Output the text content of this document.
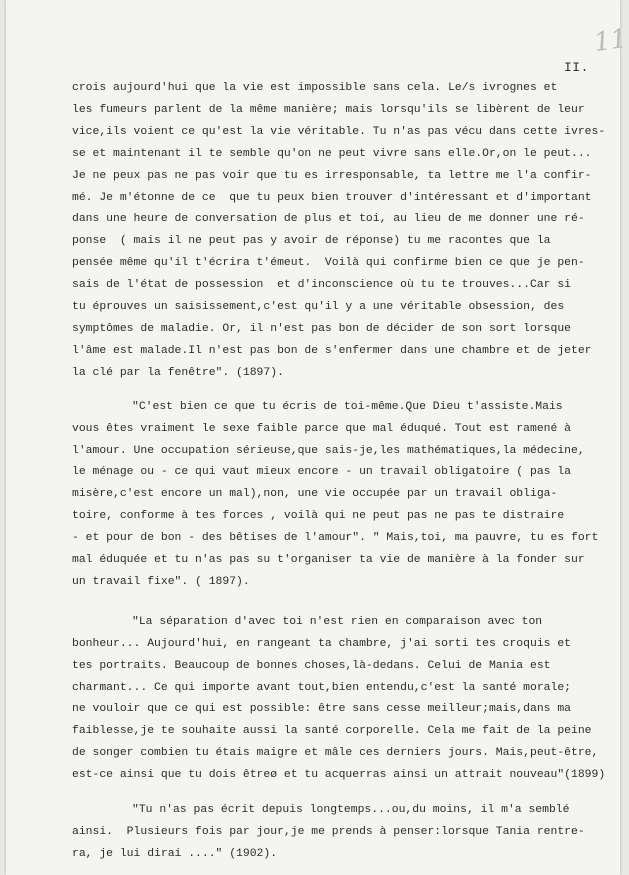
11
II.
crois aujourd'hui que la vie est impossible sans cela. Le/s ivrognes et
les fumeurs parlent de la même manière; mais lorsqu'ils se libèrent de leur
vice,ils voient ce qu'est la vie véritable. Tu n'as pas vécu dans cette ivres-
se et maintenant il te semble qu'on ne peut vivre sans elle.Or,on le peut...
Je ne peux pas ne pas voir que tu es irresponsable, ta lettre me l'a confir-
mé. Je m'étonne de ce  que tu peux bien trouver d'intéressant et d'important
dans une heure de conversation de plus et toi, au lieu de me donner une ré-
ponse  ( mais il ne peut pas y avoir de réponse) tu me racontes que la
pensée même qu'il t'écrira t'émeut.  Voilà qui confirme bien ce que je pen-
sais de l'état de possession  et d'inconscience où tu te trouves...Car si
tu éprouves un saisissement,c'est qu'il y a une véritable obsession, des
symptômes de maladie. Or, il n'est pas bon de décider de son sort lorsque
l'âme est malade.Il n'est pas bon de s'enfermer dans une chambre et de jeter
la clé par la fenêtre". (1897).
"C'est bien ce que tu écris de toi-même.Que Dieu t'assiste.Mais
vous êtes vraiment le sexe faible parce que mal éduqué. Tout est ramené à
l'amour. Une occupation sérieuse,que sais-je,les mathématiques,la médecine,
le ménage ou - ce qui vaut mieux encore - un travail obligatoire ( pas la
misère,c'est encore un mal),non, une vie occupée par un travail obliga-
toire, conforme à tes forces , voilà qui ne peut pas ne pas te distraire
- et pour de bon - des bêtises de l'amour". " Mais,toi, ma pauvre, tu es fort
mal éduquée et tu n'as pas su t'organiser ta vie de manière à la fonder sur
un travail fixe". ( 1897).
"La séparation d'avec toi n'est rien en comparaison avec ton
bonheur... Aujourd'hui, en rangeant ta chambre, j'ai sorti tes croquis et
tes portraits. Beaucoup de bonnes choses,là-dedans. Celui de Mania est
charmant... Ce qui importe avant tout,bien entendu,c'est la santé morale;
ne vouloir que ce qui est possible: être sans cesse meilleur;mais,dans ma
faiblesse,je te souhaite aussi la santé corporelle. Cela me fait de la peine
de songer combien tu étais maigre et mâle ces derniers jours. Mais,peut-être,
est-ce ainsi que tu dois êtreø et tu acquerras ainsi un attrait nouveau"(1899)
"Tu n'as pas écrit depuis longtemps...ou,du moins, il m'a semblé
ainsi.  Plusieurs fois par jour,je me prends à penser:lorsque Tania rentre-
ra, je lui dirai ...." (1902).
